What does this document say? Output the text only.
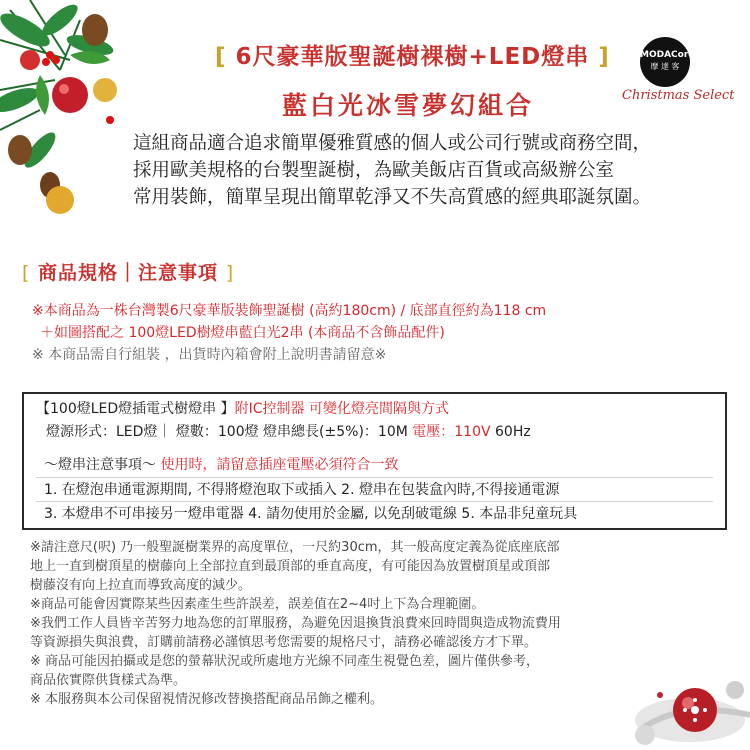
[ 6尺豪華版聖誕樹裸樹+LED燈串 ]
藍白光冰雪夢幻組合
MODACore
摩 達 客
Christmas Select
這組商品適合追求簡單優雅質感的個人或公司行號或商務空間，
採用歐美規格的台製聖誕樹，為歐美飯店百貨或高級辦公室
常用裝飾，簡單呈現出簡單乾淨又不失高質感的經典耶誕氛圍。
[ 商品規格｜注意事項 ]
※本商品為一株台灣製6尺豪華版裝飾聖誕樹 (高約180cm) / 底部直徑約為118 cm
＋如圖搭配之 100燈LED樹燈串藍白光2串 (本商品不含飾品配件)
※ 本商品需自行組裝 ，出貨時內箱會附上說明書請留意※
【100燈LED燈插電式樹燈串 】附IC控制器 可變化燈亮間隔與方式
燈源形式：LED燈｜ 燈數：100燈 燈串總長(±5%)：10M 電壓：110V 60Hz
～燈串注意事項～ 使用時，請留意插座電壓必須符合一致
1. 在燈泡串通電源期間, 不得將燈泡取下或插入 2. 燈串在包裝盒內時,不得接通電源
3. 本燈串不可串接另一燈串電器 4. 請勿使用於金屬, 以免刮破電線 5. 本品非兒童玩具
※請注意尺(呎) 乃一般聖誕樹業界的高度單位，一尺約30cm，其一般高度定義為從底座底部
地上一直到樹頂星的樹藤向上全部拉直到最頂部的垂直高度，有可能因為放置樹頂星或頂部
樹藤沒有向上拉直而導致高度的減少。
※商品可能會因實際某些因素產生些許誤差，誤差值在2~4吋上下為合理範圍。
※我們工作人員皆辛苦努力地為您的訂單服務，為避免因退換貨浪費來回時間與造成物流費用
等資源損失與浪費，訂購前請務必謹慎思考您需要的規格尺寸，請務必確認後方才下單。
※ 商品可能因拍攝或是您的螢幕狀況或所處地方光線不同產生視覺色差，圖片僅供參考，
商品依實際供貨樣式為準。
※ 本服務與本公司保留視情況修改替換搭配商品吊飾之權利。
